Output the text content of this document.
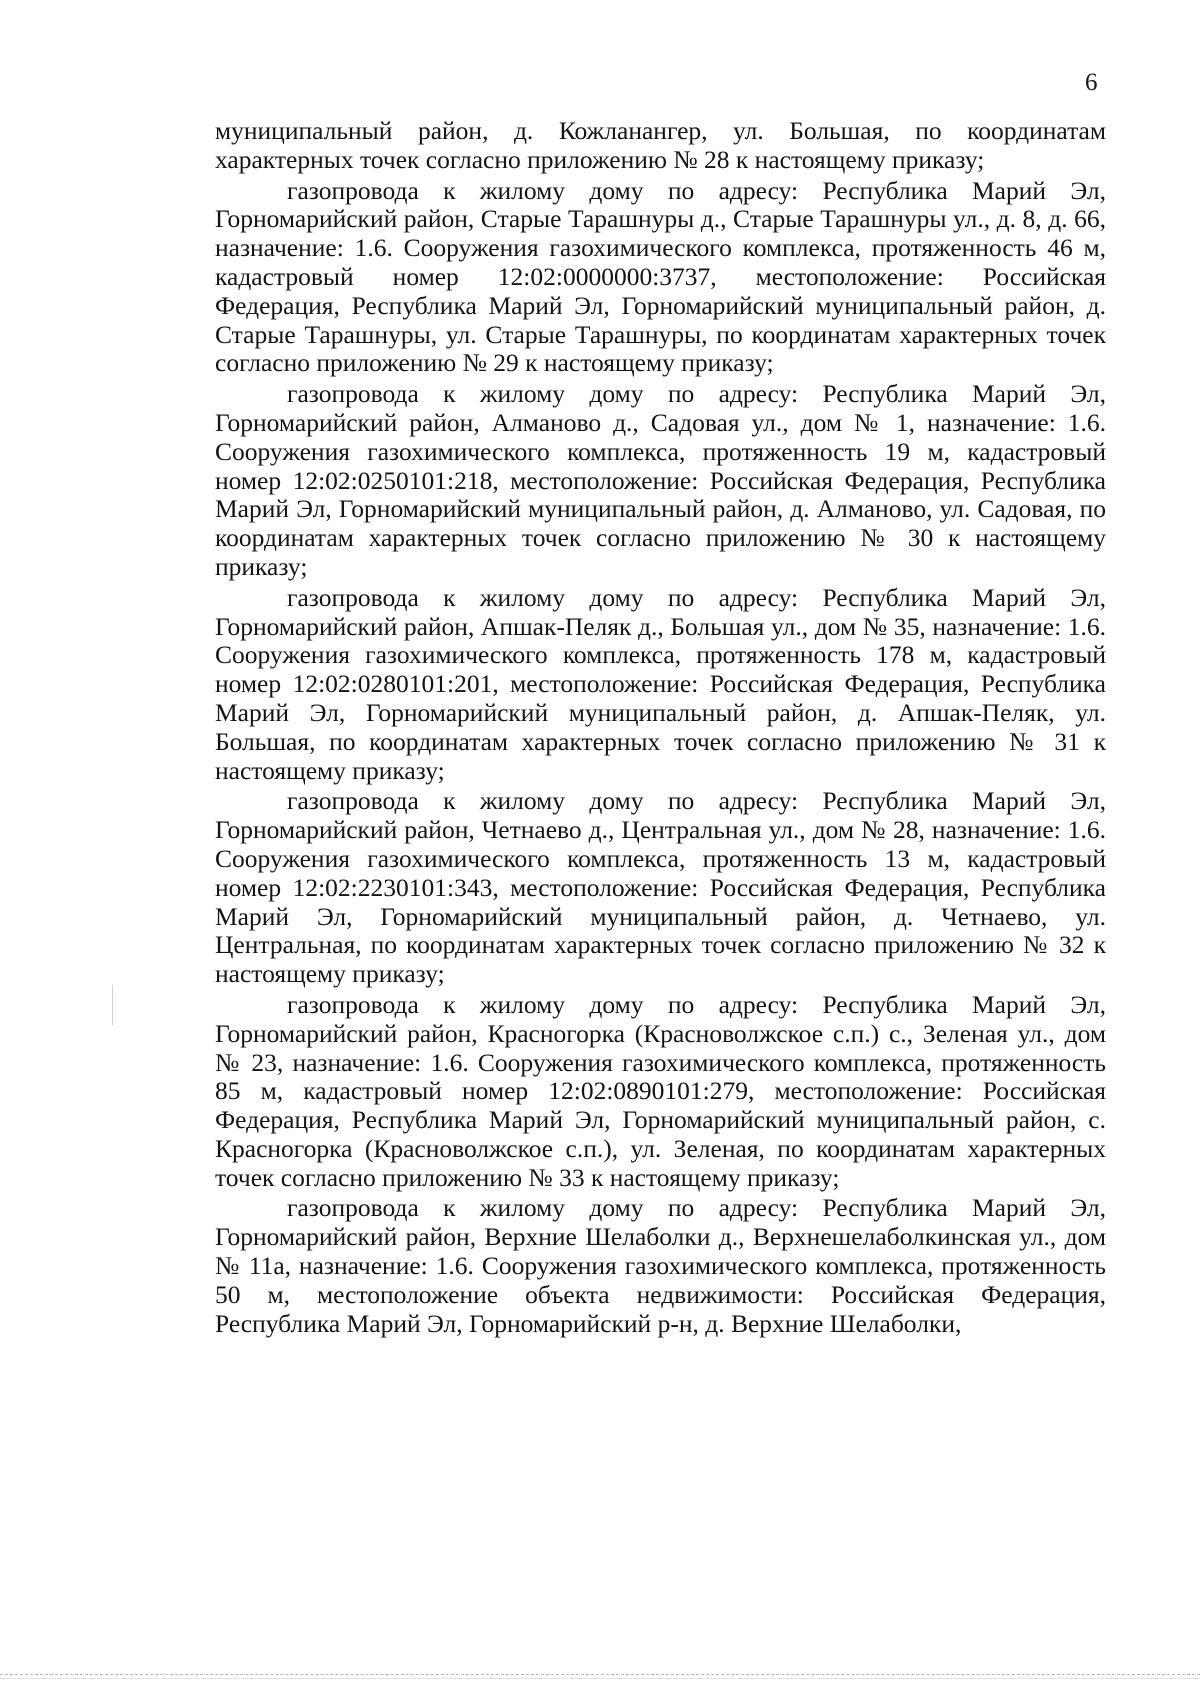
6

муниципальный район, д. Кожланангер, ул. Большая, по координатам характерных точек согласно приложению № 28 к настоящему приказу;

газопровода к жилому дому по адресу: Республика Марий Эл, Горномарийский район, Старые Тарашнуры д., Старые Тарашнуры ул., д. 8, д. 66, назначение: 1.6. Сооружения газохимического комплекса, протяженность 46 м, кадастровый номер 12:02:0000000:3737, местоположение: Российская Федерация, Республика Марий Эл, Горномарийский муниципальный район, д. Старые Тарашнуры, ул. Старые Тарашнуры, по координатам характерных точек согласно приложению № 29 к настоящему приказу;

газопровода к жилому дому по адресу: Республика Марий Эл, Горномарийский район, Алманово д., Садовая ул., дом № 1, назначение: 1.6. Сооружения газохимического комплекса, протяженность 19 м, кадастровый номер 12:02:0250101:218, местоположение: Российская Федерация, Республика Марий Эл, Горномарийский муниципальный район, д. Алманово, ул. Садовая, по координатам характерных точек согласно приложению № 30 к настоящему приказу;

газопровода к жилому дому по адресу: Республика Марий Эл, Горномарийский район, Апшак-Пеляк д., Большая ул., дом № 35, назначение: 1.6. Сооружения газохимического комплекса, протяженность 178 м, кадастровый номер 12:02:0280101:201, местоположение: Российская Федерация, Республика Марий Эл, Горномарийский муниципальный район, д. Апшак-Пеляк, ул. Большая, по координатам характерных точек согласно приложению № 31 к настоящему приказу;

газопровода к жилому дому по адресу: Республика Марий Эл, Горномарийский район, Четнаево д., Центральная ул., дом № 28, назначение: 1.6. Сооружения газохимического комплекса, протяженность 13 м, кадастровый номер 12:02:2230101:343, местоположение: Российская Федерация, Республика Марий Эл, Горномарийский муниципальный район, д. Четнаево, ул. Центральная, по координатам характерных точек согласно приложению № 32 к настоящему приказу;

газопровода к жилому дому по адресу: Республика Марий Эл, Горномарийский район, Красногорка (Красноволжское с.п.) с., Зеленая ул., дом № 23, назначение: 1.6. Сооружения газохимического комплекса, протяженность 85 м, кадастровый номер 12:02:0890101:279, местоположение: Российская Федерация, Республика Марий Эл, Горномарийский муниципальный район, с. Красногорка (Красноволжское с.п.), ул. Зеленая, по координатам характерных точек согласно приложению № 33 к настоящему приказу;

газопровода к жилому дому по адресу: Республика Марий Эл, Горномарийский район, Верхние Шелаболки д., Верхнешелаболкинская ул., дом № 11а, назначение: 1.6. Сооружения газохимического комплекса, протяженность 50 м, местоположение объекта недвижимости: Российская Федерация, Республика Марий Эл, Горномарийский р-н, д. Верхние Шелаболки,
